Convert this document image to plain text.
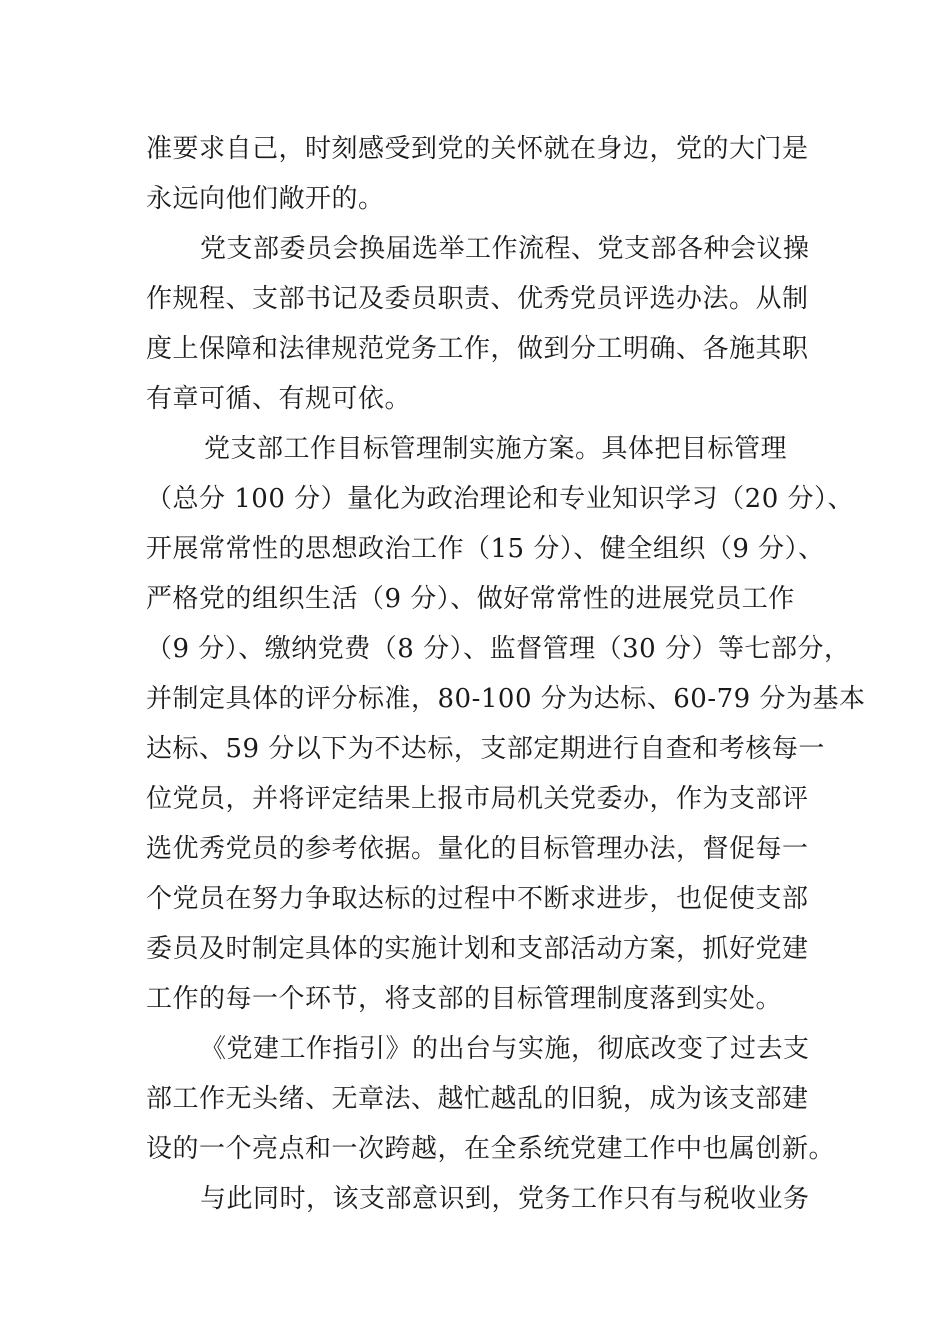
准要求自己，时刻感受到党的关怀就在身边，党的大门是
永远向他们敞开的。
党支部委员会换届选举工作流程、党支部各种会议操
作规程、支部书记及委员职责、优秀党员评选办法。从制
度上保障和法律规范党务工作，做到分工明确、各施其职
有章可循、有规可依。
党支部工作目标管理制实施方案。具体把目标管理
（总分 100 分）量化为政治理论和专业知识学习（20 分）、
开展常常性的思想政治工作（15 分）、健全组织（9 分）、
严格党的组织生活（9 分）、做好常常性的进展党员工作
（9 分）、缴纳党费（8 分）、监督管理（30 分）等七部分，
并制定具体的评分标准，80-100 分为达标、60-79 分为基本
达标、59 分以下为不达标，支部定期进行自查和考核每一
位党员，并将评定结果上报市局机关党委办，作为支部评
选优秀党员的参考依据。量化的目标管理办法，督促每一
个党员在努力争取达标的过程中不断求进步，也促使支部
委员及时制定具体的实施计划和支部活动方案，抓好党建
工作的每一个环节，将支部的目标管理制度落到实处。
《党建工作指引》的出台与实施，彻底改变了过去支
部工作无头绪、无章法、越忙越乱的旧貌，成为该支部建
设的一个亮点和一次跨越，在全系统党建工作中也属创新。
与此同时，该支部意识到，党务工作只有与税收业务
